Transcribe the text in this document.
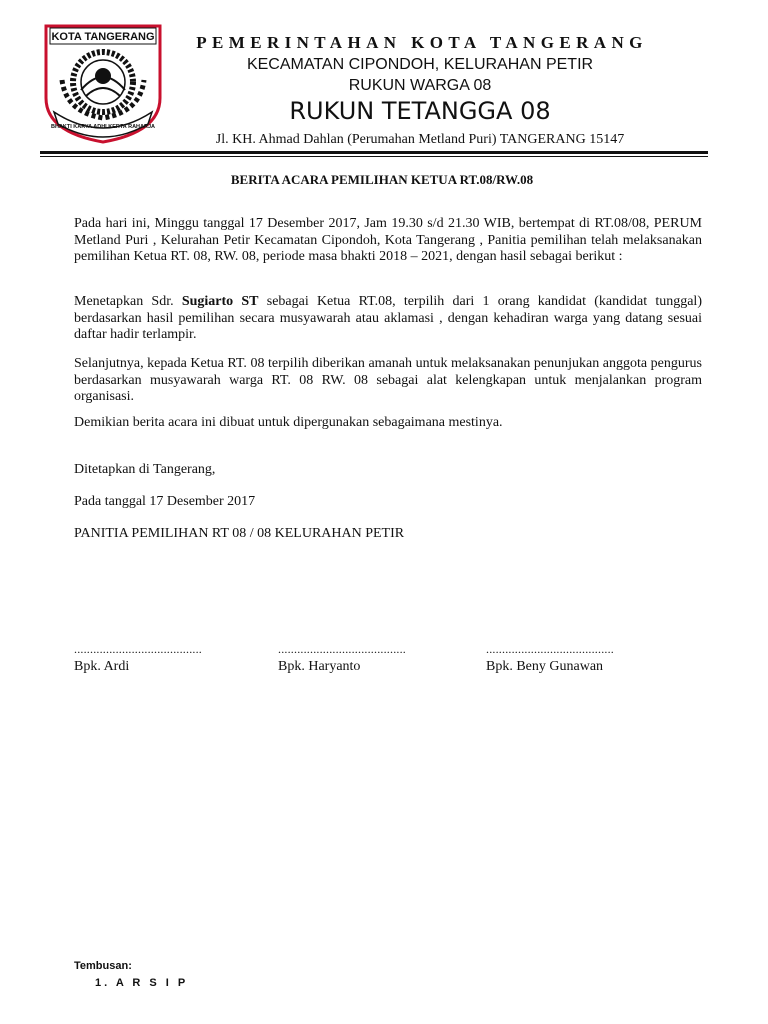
KOTA TANGERANG
BHAKTI KARYA ADHI KERTA RAHARJA
PEMERINTAHAN KOTA TANGERANG
KECAMATAN CIPONDOH, KELURAHAN PETIR
RUKUN WARGA 08
RUKUN TETANGGA 08
Jl. KH. Ahmad Dahlan (Perumahan Metland Puri) TANGERANG 15147
BERITA ACARA PEMILIHAN KETUA RT.08/RW.08
Pada hari ini, Minggu tanggal 17 Desember 2017, Jam 19.30 s/d 21.30 WIB, bertempat di RT.08/08, PERUM Metland Puri , Kelurahan Petir Kecamatan Cipondoh, Kota Tangerang , Panitia pemilihan telah melaksanakan pemilihan Ketua RT. 08, RW. 08, periode masa bhakti 2018 – 2021, dengan hasil sebagai berikut :
Menetapkan Sdr. Sugiarto ST sebagai Ketua RT.08, terpilih dari 1 orang kandidat (kandidat tunggal) berdasarkan hasil pemilihan secara musyawarah atau aklamasi , dengan kehadiran warga yang datang sesuai daftar hadir terlampir.
Selanjutnya, kepada Ketua RT. 08 terpilih diberikan amanah untuk melaksanakan penunjukan anggota pengurus berdasarkan musyawarah warga RT. 08 RW. 08 sebagai alat kelengkapan untuk menjalankan program organisasi.
Demikian berita acara ini dibuat untuk dipergunakan sebagaimana mestinya.
Ditetapkan di Tangerang,
Pada tanggal 17 Desember 2017
PANITIA PEMILIHAN RT 08 / 08 KELURAHAN PETIR
........................................
Bpk. Ardi
........................................
Bpk. Haryanto
........................................
Bpk. Beny Gunawan
Tembusan:
1. A R S I P
